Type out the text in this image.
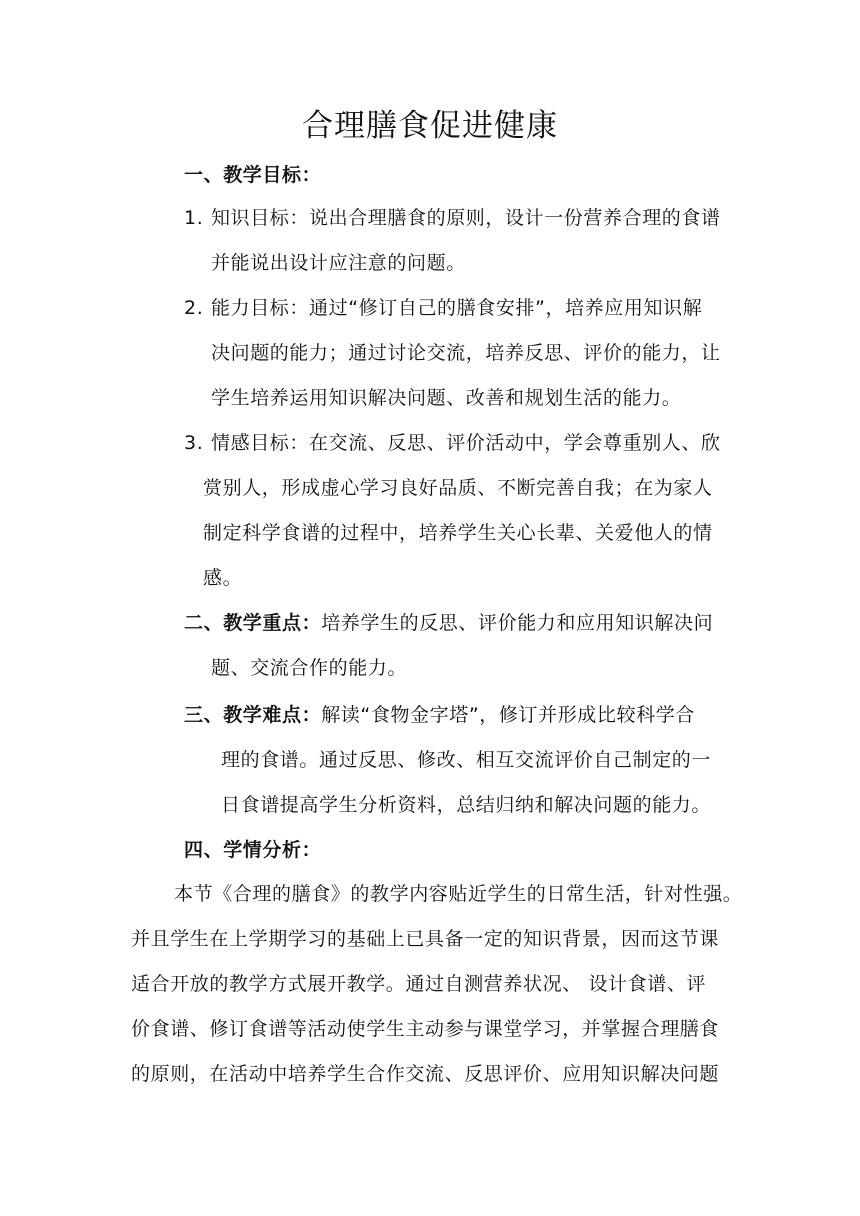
合理膳食促进健康
一、教学目标：
1. 知识目标：说出合理膳食的原则，设计一份营养合理的食谱
并能说出设计应注意的问题。
2. 能力目标：通过“修订自己的膳食安排”，培养应用知识解
决问题的能力；通过讨论交流，培养反思、评价的能力，让
学生培养运用知识解决问题、改善和规划生活的能力。
3. 情感目标：在交流、反思、评价活动中，学会尊重别人、欣
赏别人，形成虚心学习良好品质、不断完善自我；在为家人
制定科学食谱的过程中，培养学生关心长辈、关爱他人的情
感。
二、教学重点：培养学生的反思、评价能力和应用知识解决问
题、交流合作的能力。
三、教学难点：解读“食物金字塔”，修订并形成比较科学合
理的食谱。通过反思、修改、相互交流评价自己制定的一
日食谱提高学生分析资料，总结归纳和解决问题的能力。
四、学情分析：
本节《合理的膳食》的教学内容贴近学生的日常生活，针对性强。
并且学生在上学期学习的基础上已具备一定的知识背景，因而这节课
适合开放的教学方式展开教学。通过自测营养状况、 设计食谱、评
价食谱、修订食谱等活动使学生主动参与课堂学习，并掌握合理膳食
的原则，在活动中培养学生合作交流、反思评价、应用知识解决问题
